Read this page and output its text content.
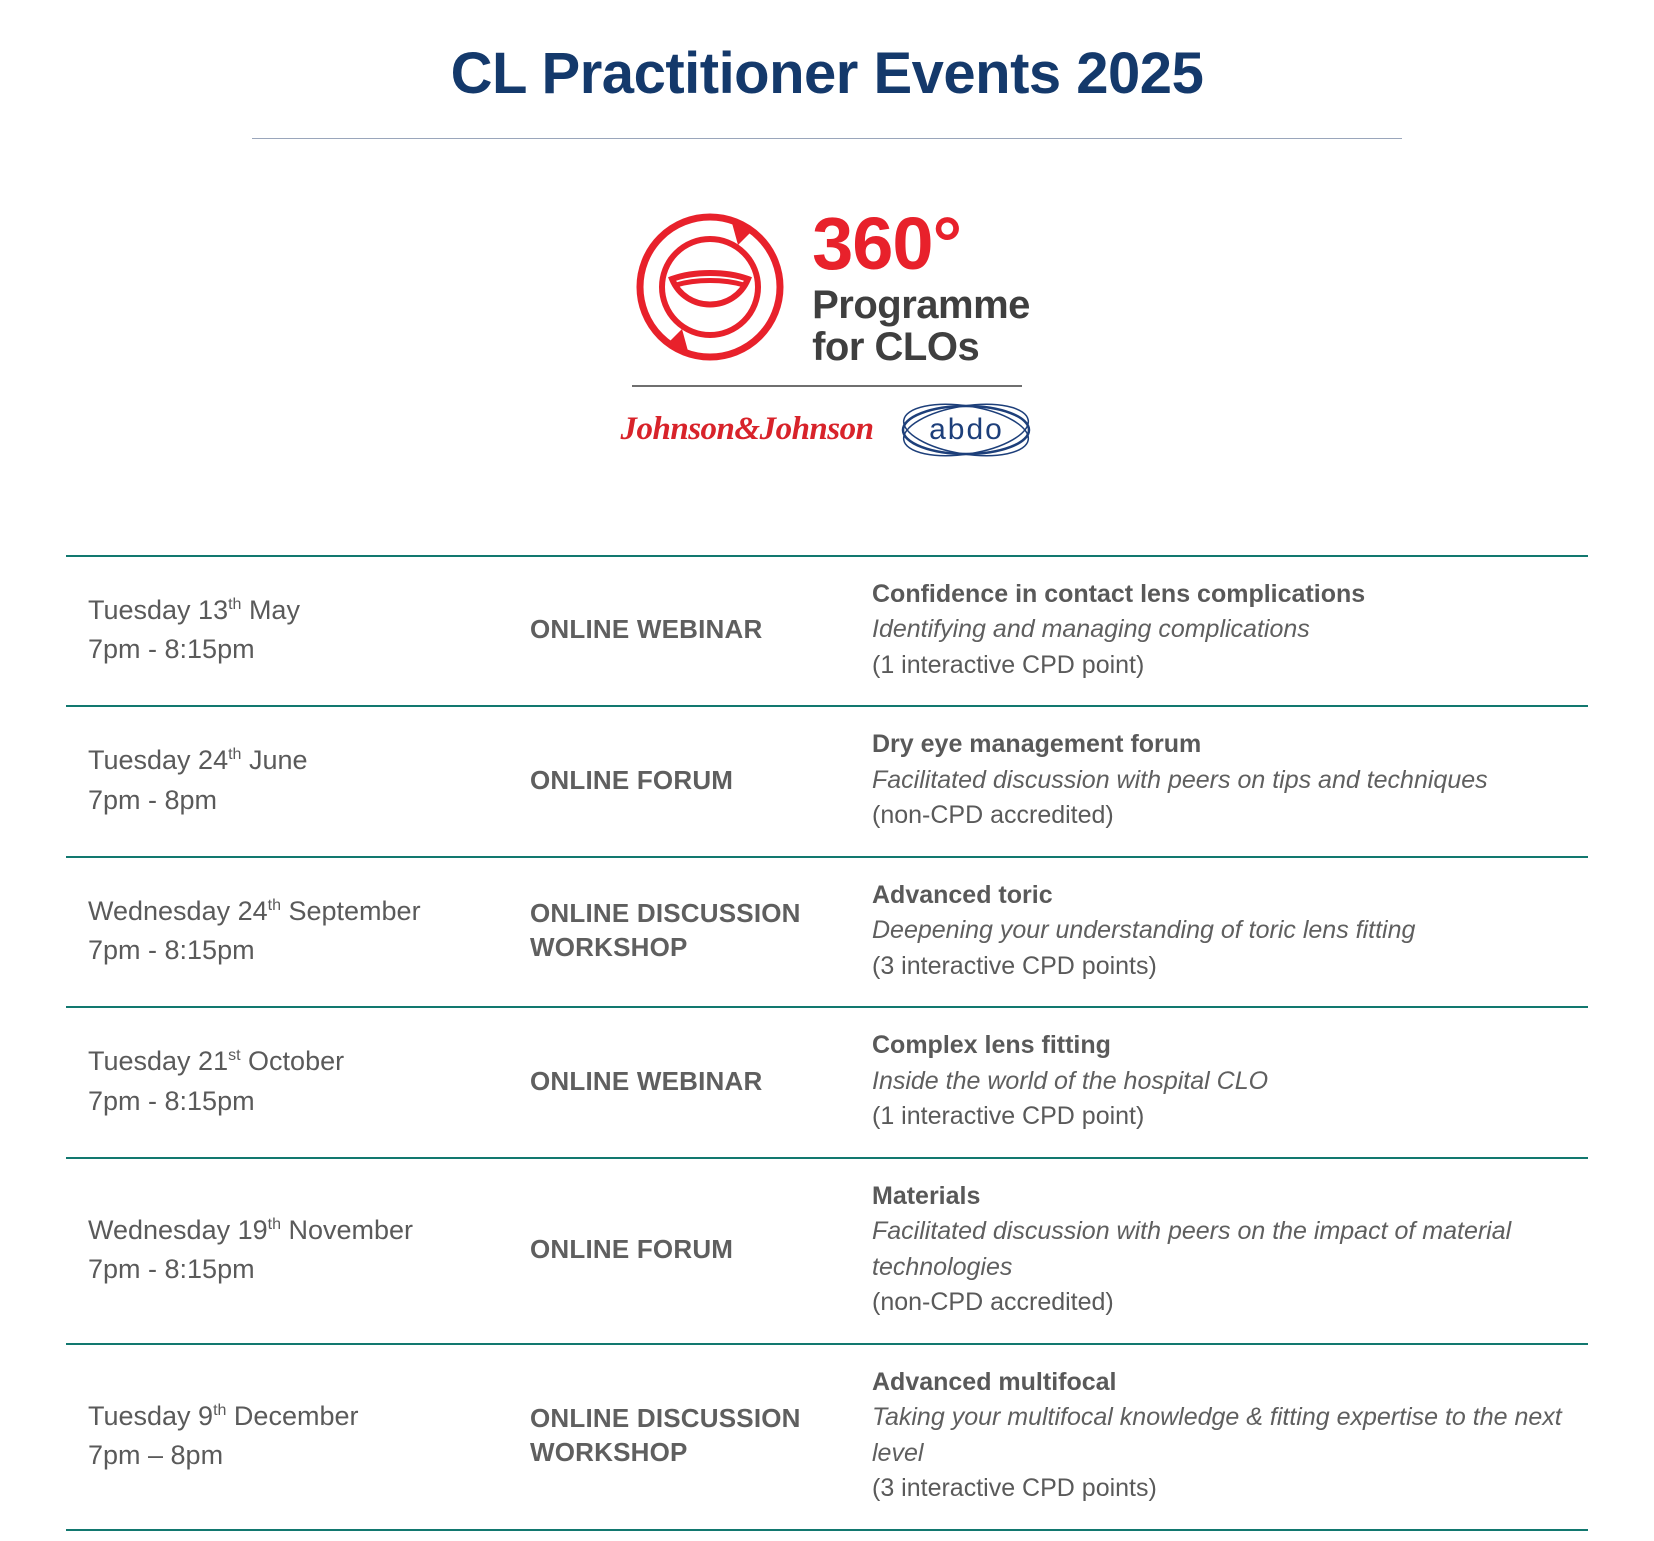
CL Practitioner Events 2025
360°
Programme
for CLOs
Johnson&Johnson abdo
Tuesday 13th May
7pm - 8:15pm
	ONLINE WEBINAR	
Confidence in contact lens complications
Identifying and managing complications
(1 interactive CPD point)

Tuesday 24th June
7pm - 8pm
	ONLINE FORUM	
Dry eye management forum
Facilitated discussion with peers on tips and techniques
(non-CPD accredited)

Wednesday 24th September
7pm - 8:15pm
	ONLINE DISCUSSION WORKSHOP	
Advanced toric
Deepening your understanding of toric lens fitting
(3 interactive CPD points)

Tuesday 21st October
7pm - 8:15pm
	ONLINE WEBINAR	
Complex lens fitting
Inside the world of the hospital CLO
(1 interactive CPD point)

Wednesday 19th November
7pm - 8:15pm
	ONLINE FORUM	
Materials
Facilitated discussion with peers on the impact of material technologies
(non-CPD accredited)

Tuesday 9th December
7pm – 8pm
	ONLINE DISCUSSION WORKSHOP	
Advanced multifocal
Taking your multifocal knowledge & fitting expertise to the next level
(3 interactive CPD points)
